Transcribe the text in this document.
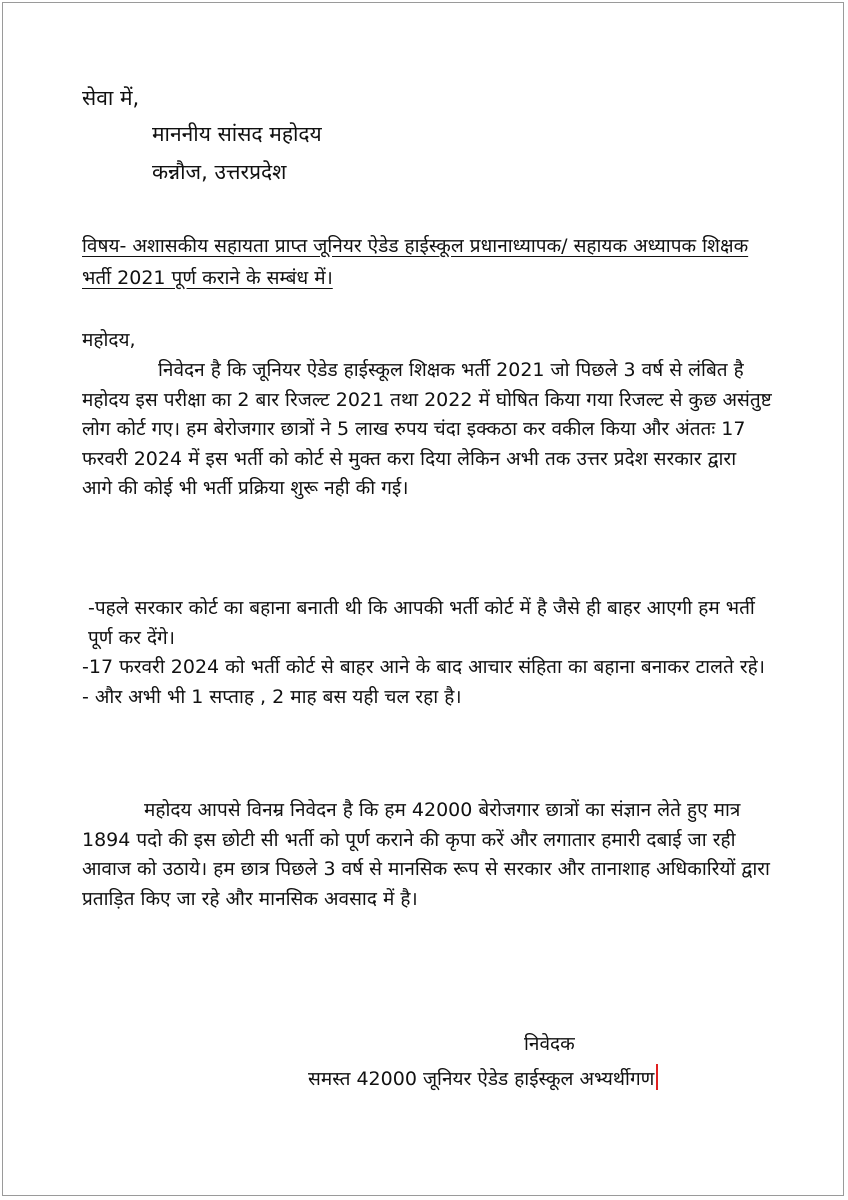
सेवा में,
माननीय सांसद महोदय
कन्नौज, उत्तरप्रदेश
विषय- अशासकीय सहायता प्राप्त जूनियर ऐडेड हाईस्कूल प्रधानाध्यापक/ सहायक अध्यापक शिक्षक भर्ती 2021 पूर्ण कराने के सम्बंध में।
महोदय,
निवेदन है कि जूनियर ऐडेड हाईस्कूल शिक्षक भर्ती 2021 जो पिछले 3 वर्ष से लंबित है महोदय इस परीक्षा का 2 बार रिजल्ट 2021 तथा 2022 में घोषित किया गया रिजल्ट से कुछ असंतुष्ट लोग कोर्ट गए। हम बेरोजगार छात्रों ने 5 लाख रुपय चंदा इक्कठा कर वकील किया और अंततः 17 फरवरी 2024 में इस भर्ती को कोर्ट से मुक्त करा दिया लेकिन अभी तक उत्तर प्रदेश सरकार द्वारा आगे की कोई भी भर्ती प्रक्रिया शुरू नही की गई।
-पहले सरकार कोर्ट का बहाना बनाती थी कि आपकी भर्ती कोर्ट में है जैसे ही बाहर आएगी हम भर्ती पूर्ण कर देंगे।
-17 फरवरी 2024 को भर्ती कोर्ट से बाहर आने के बाद आचार संहिता का बहाना बनाकर टालते रहे।
- और अभी भी 1 सप्ताह , 2 माह बस यही चल रहा है।
महोदय आपसे विनम्र निवेदन है कि हम 42000 बेरोजगार छात्रों का संज्ञान लेते हुए मात्र 1894 पदो की इस छोटी सी भर्ती को पूर्ण कराने की कृपा करें और लगातार हमारी दबाई जा रही आवाज को उठाये। हम छात्र पिछले 3 वर्ष से मानसिक रूप से सरकार और तानाशाह अधिकारियों द्वारा प्रताड़ित किए जा रहे और मानसिक अवसाद में है।
निवेदक
समस्त 42000 जूनियर ऐडेड हाईस्कूल अभ्यर्थीगण
